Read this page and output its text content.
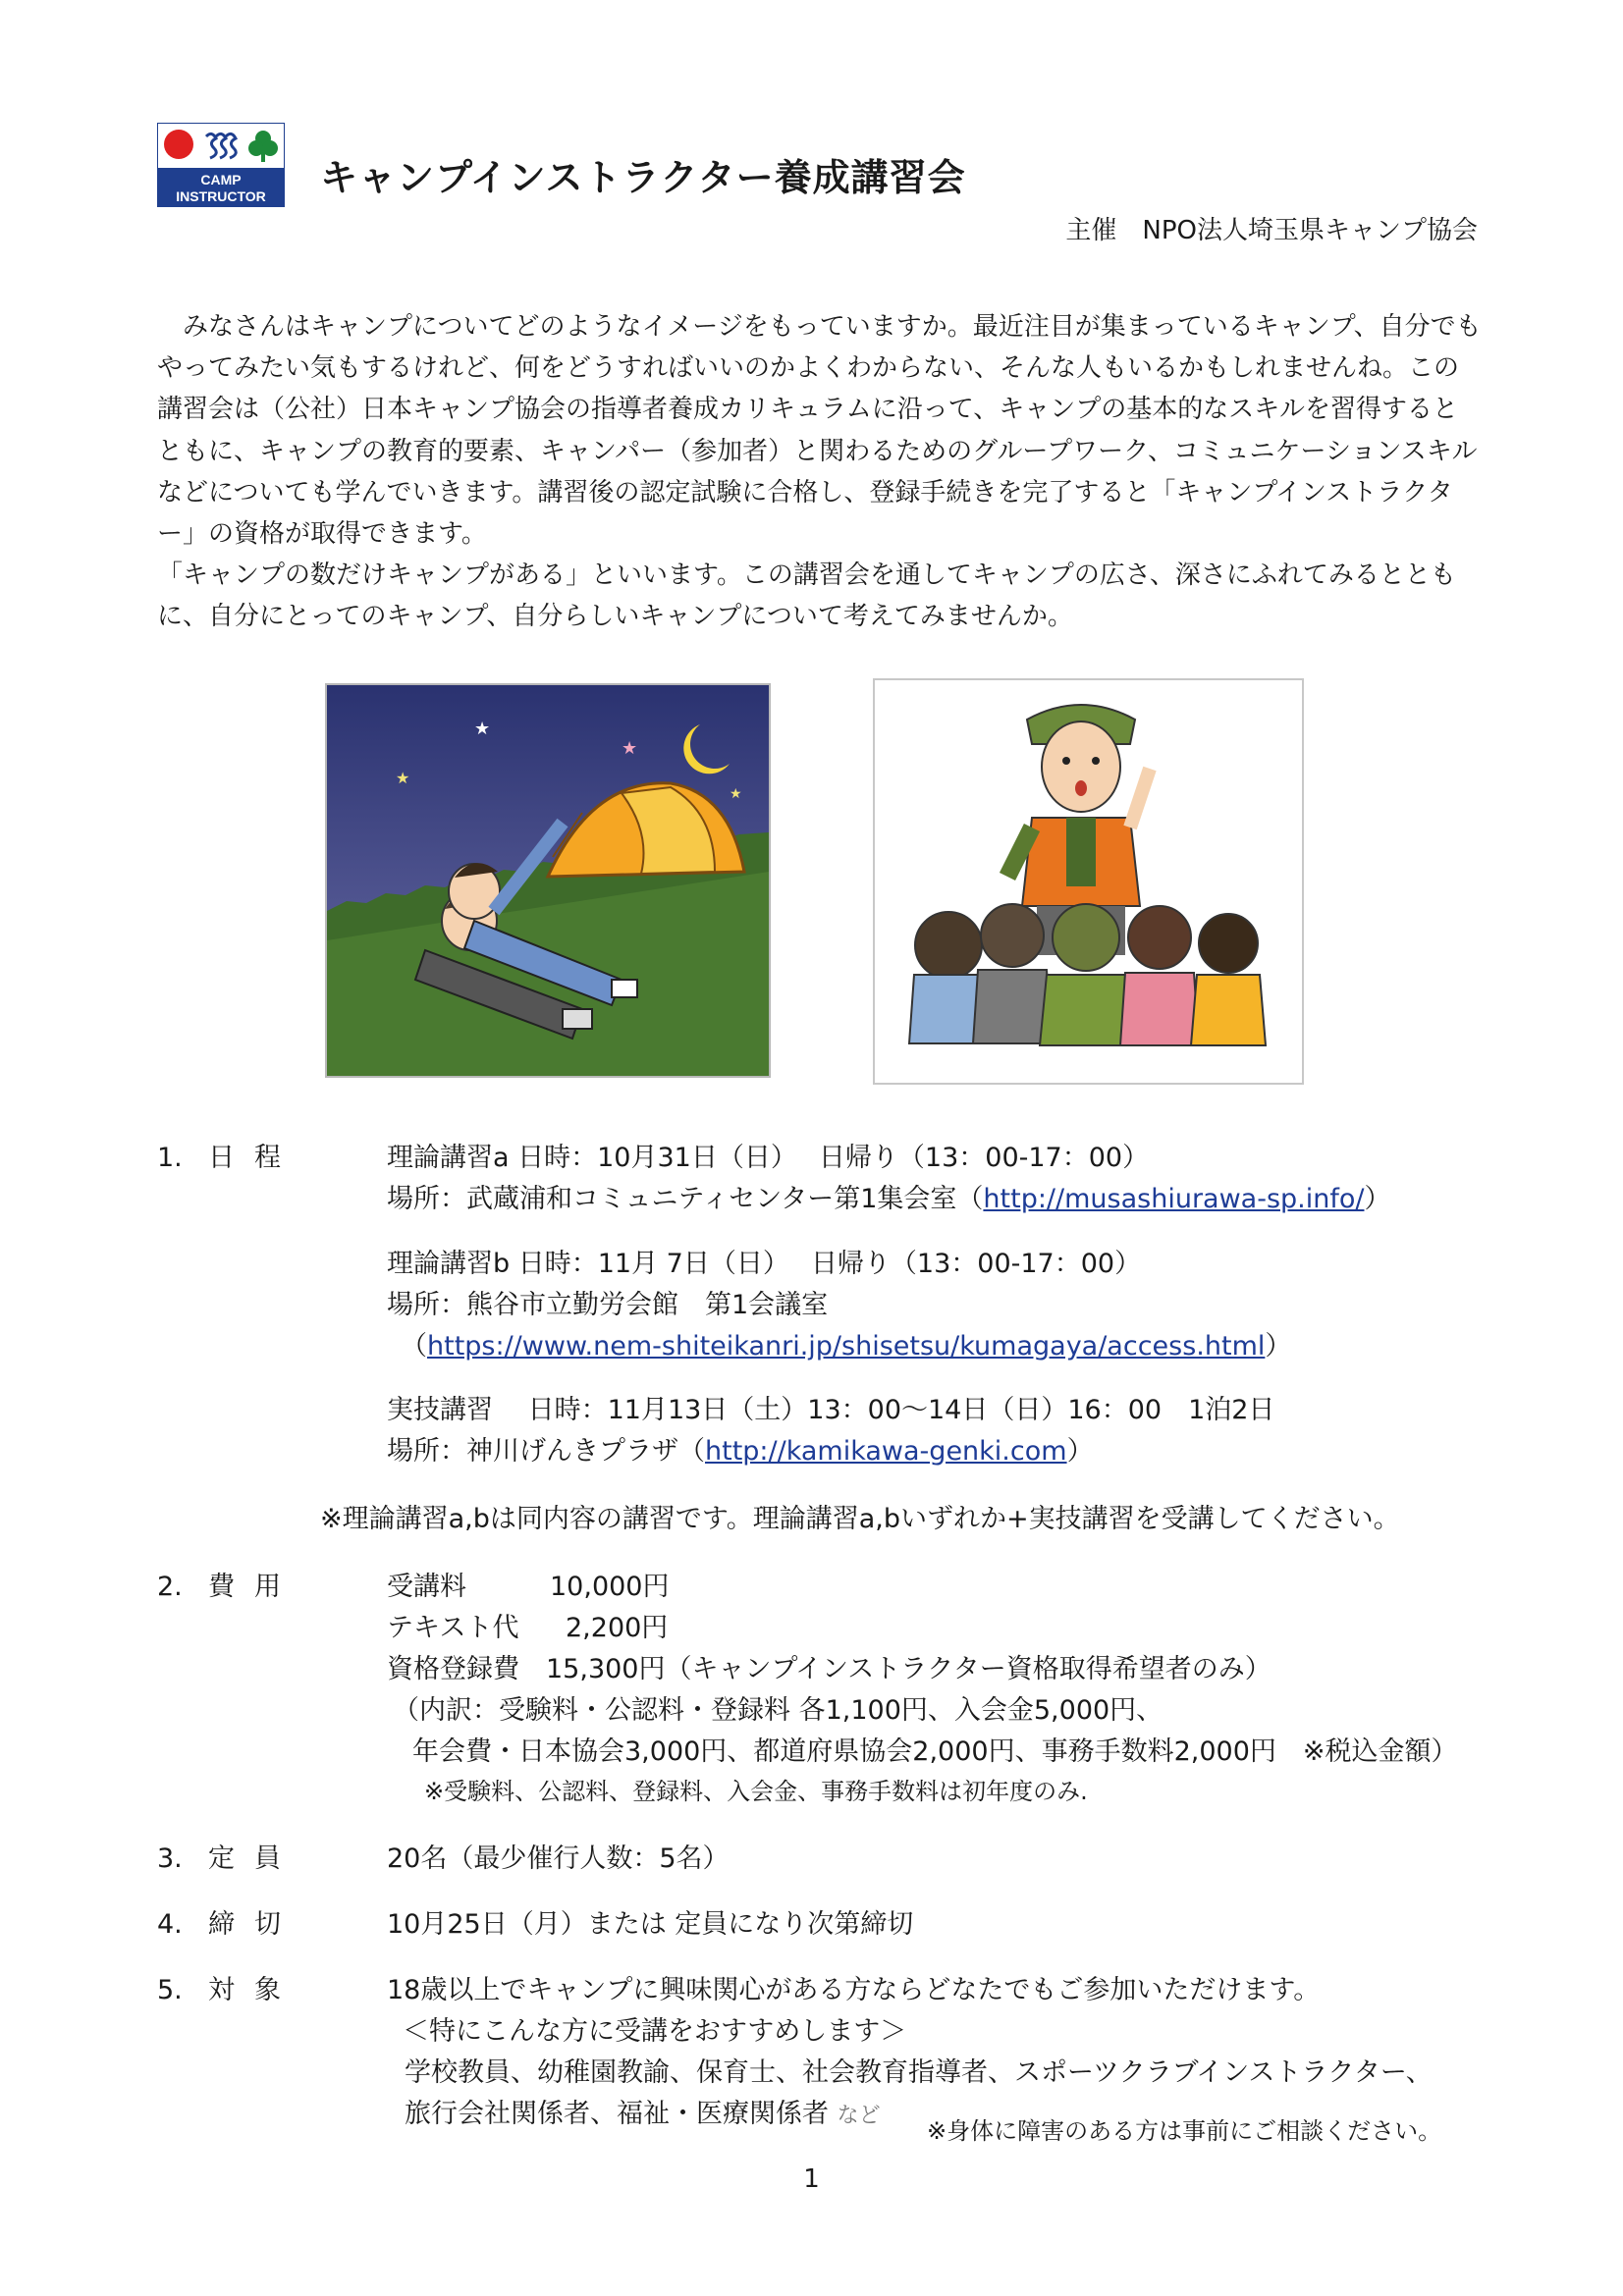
CAMP
INSTRUCTOR キャンプインストラクター養成講習会
主催 NPO法人埼玉県キャンプ協会

みなさんはキャンプについてどのようなイメージをもっていますか。最近注目が集まっているキャンプ、自分でもやってみたい気もするけれど、何をどうすればいいのかよくわからない、そんな人もいるかもしれませんね。この講習会は（公社）日本キャンプ協会の指導者養成カリキュラムに沿って、キャンプの基本的なスキルを習得するとともに、キャンプの教育的要素、キャンパー（参加者）と関わるためのグループワーク、コミュニケーションスキルなどについても学んでいきます。講習後の認定試験に合格し、登録手続きを完了すると「キャンプインストラクター」の資格が取得できます。

「キャンプの数だけキャンプがある」といいます。この講習会を通してキャンプの広さ、深さにふれてみるとともに、自分にとってのキャンプ、自分らしいキャンプについて考えてみませんか。

★
★
★
★
1. 日程	理論講習a 日時：10月31日（日）　 日帰り（13：00-17：00）
場所：武蔵浦和コミュニティセンター第1集会室（http://musashiurawa-sp.info/）
理論講習b 日時：11月 7日（日）　 日帰り（13：00-17：00）
場所：熊谷市立勤労会館　第1会議室
（https://www.nem-shiteikanri.jp/shisetsu/kumagaya/access.html）
実技講習　 日時：11月13日（土）13：00〜14日（日）16：00　1泊2日
場所：神川げんきプラザ（http://kamikawa-genki.com）
※理論講習a,bは同内容の講習です。理論講習a,bいずれか+実技講習を受講してください。
2. 費用	受講料	10,000円
テキスト代 2,200円
資格登録費　15,300円（キャンプインストラクター資格取得希望者のみ）
（内訳：受験料・公認料・登録料 各1,100円、入会金5,000円、
年会費・日本協会3,000円、都道府県協会2,000円、事務手数料2,000円　※税込金額）
※受験料、公認料、登録料、入会金、事務手数料は初年度のみ.
3. 定員	20名（最少催行人数：5名）
4. 締切	10月25日（月）または 定員になり次第締切
5. 対象	18歳以上でキャンプに興味関心がある方ならどなたでもご参加いただけます。
＜特にこんな方に受講をおすすめします＞
学校教員、幼稚園教諭、保育士、社会教育指導者、スポーツクラブインストラクター、
旅行会社関係者、福祉・医療関係者 など
※身体に障害のある方は事前にご相談ください。
1
